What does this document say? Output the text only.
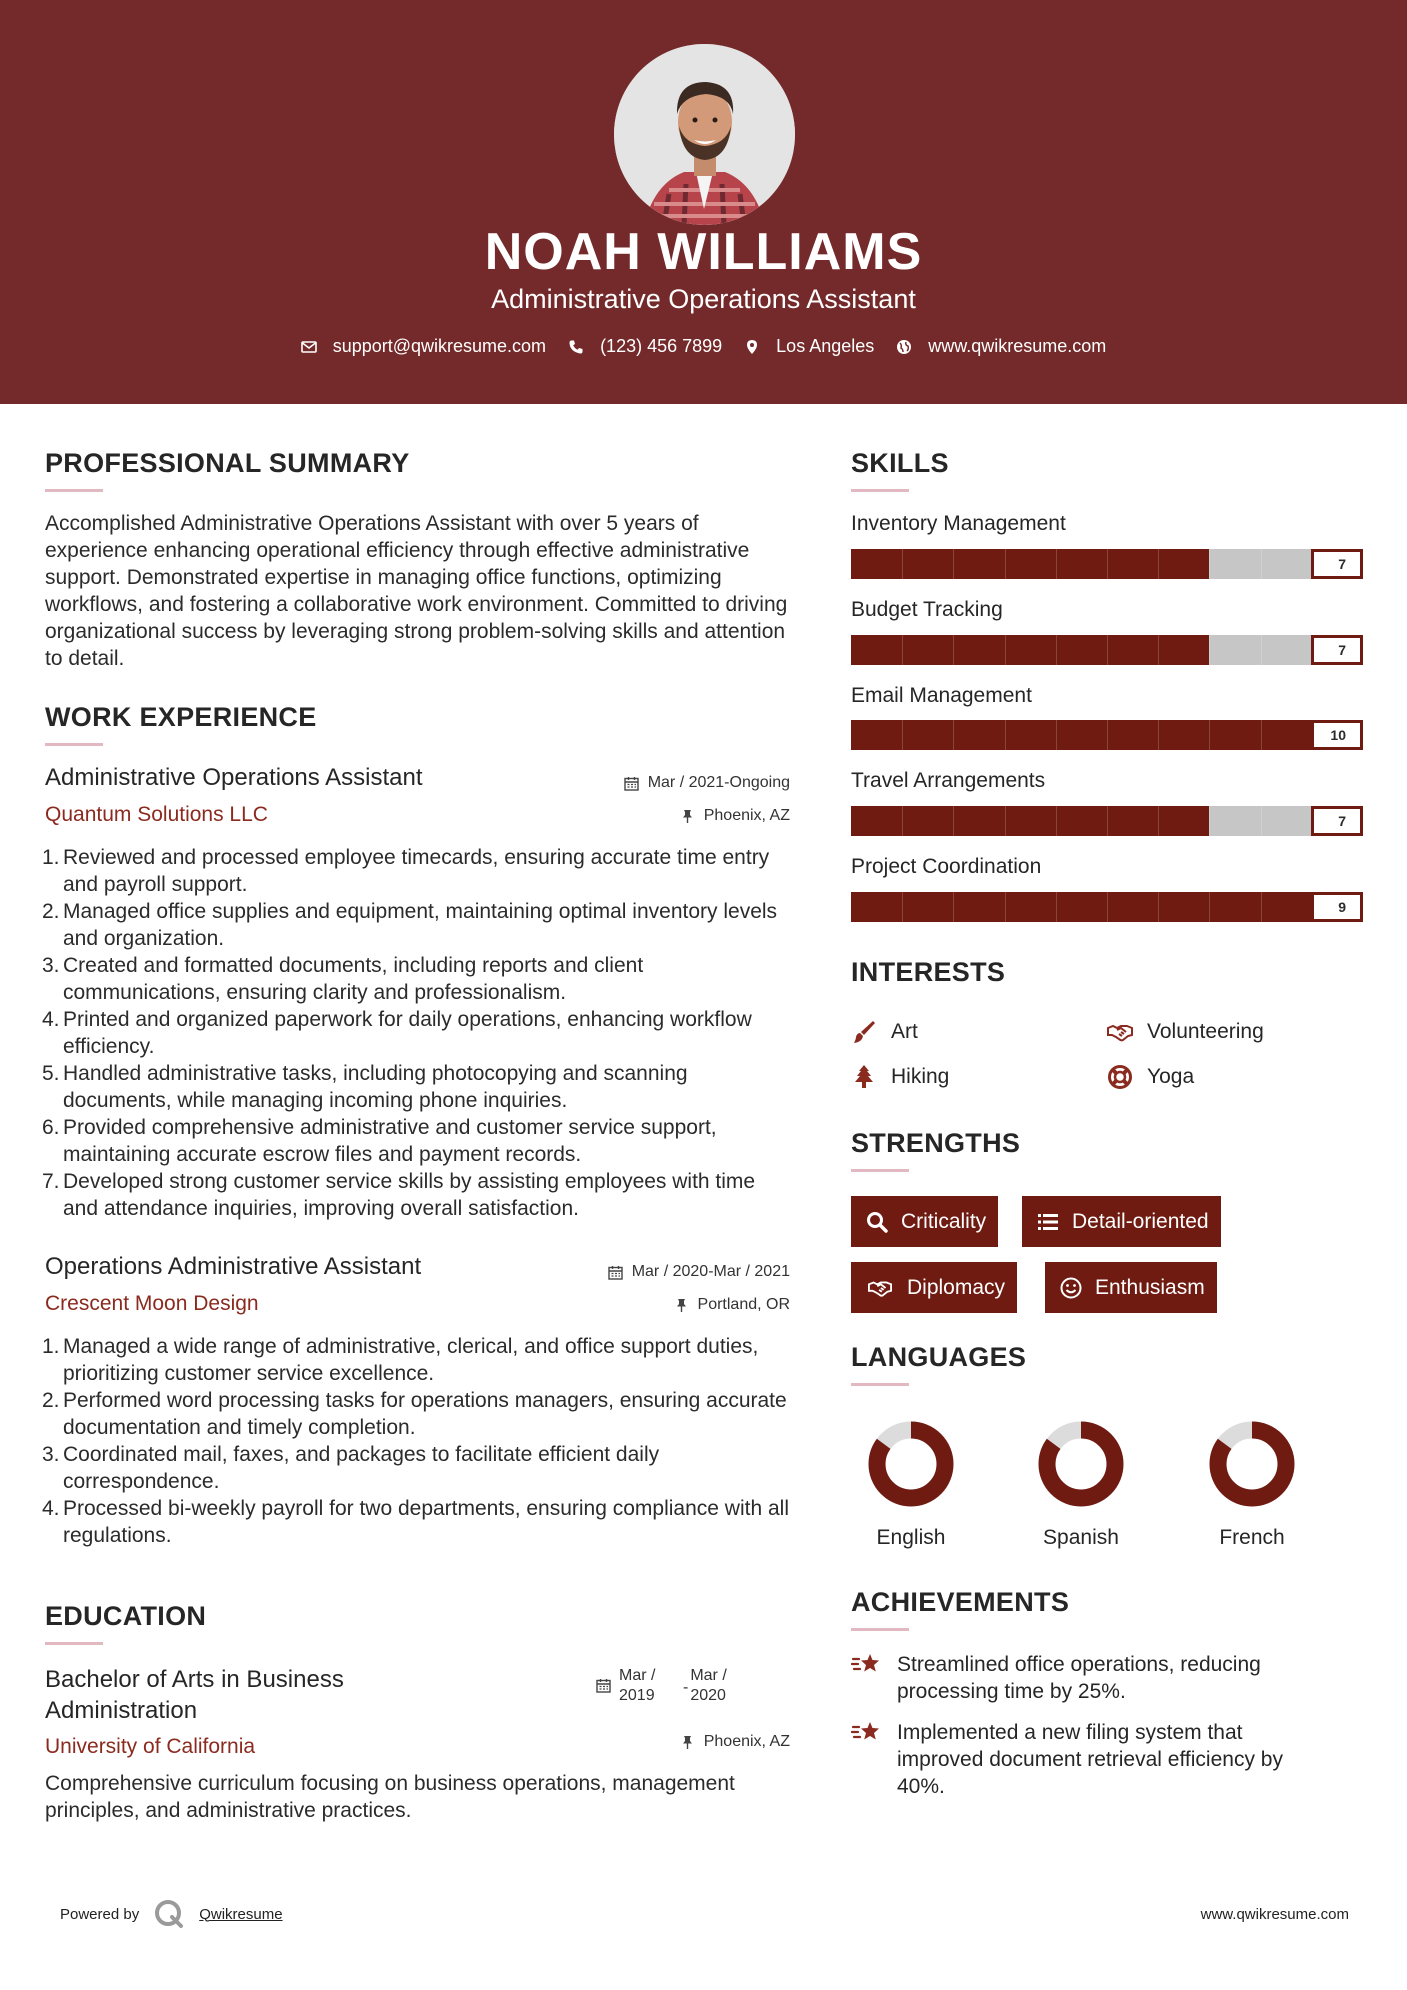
NOAH WILLIAMS
Administrative Operations Assistant
support@qwikresume.com	(123) 456 7899	Los Angeles	www.qwikresume.com
PROFESSIONAL SUMMARY
Accomplished Administrative Operations Assistant with over 5 years of experience enhancing operational efficiency through effective administrative support. Demonstrated expertise in managing office functions, optimizing workflows, and fostering a collaborative work environment. Committed to driving organizational success by leveraging strong problem-solving skills and attention to detail.
WORK EXPERIENCE
Administrative Operations Assistant
Quantum Solutions LLC
Mar / 2021-Ongoing
Phoenix, AZ
1. Reviewed and processed employee timecards, ensuring accurate time entry and payroll support.
2. Managed office supplies and equipment, maintaining optimal inventory levels and organization.
3. Created and formatted documents, including reports and client communications, ensuring clarity and professionalism.
4. Printed and organized paperwork for daily operations, enhancing workflow efficiency.
5. Handled administrative tasks, including photocopying and scanning documents, while managing incoming phone inquiries.
6. Provided comprehensive administrative and customer service support, maintaining accurate escrow files and payment records.
7. Developed strong customer service skills by assisting employees with time and attendance inquiries, improving overall satisfaction.
Operations Administrative Assistant
Crescent Moon Design
Mar / 2020-Mar / 2021
Portland, OR
1. Managed a wide range of administrative, clerical, and office support duties, prioritizing customer service excellence.
2. Performed word processing tasks for operations managers, ensuring accurate documentation and timely completion.
3. Coordinated mail, faxes, and packages to facilitate efficient daily correspondence.
4. Processed bi-weekly payroll for two departments, ensuring compliance with all regulations.
EDUCATION
Bachelor of Arts in Business
Administration
University of California
Mar /
2019	-
Mar /
2020
Phoenix, AZ
Comprehensive curriculum focusing on business operations, management principles, and administrative practices.
SKILLS
Inventory Management
7
Budget Tracking
7
Email Management
10
Travel Arrangements
7
Project Coordination
9
INTERESTS
Art	Volunteering
Hiking	Yoga
STRENGTHS
Criticality	Detail-oriented
Diplomacy	Enthusiasm
LANGUAGES
English	Spanish	French
ACHIEVEMENTS
Streamlined office operations, reducing
processing time by 25%.
Implemented a new filing system that
improved document retrieval efficiency by
40%.
Powered by	Qwikresume	www.qwikresume.com
